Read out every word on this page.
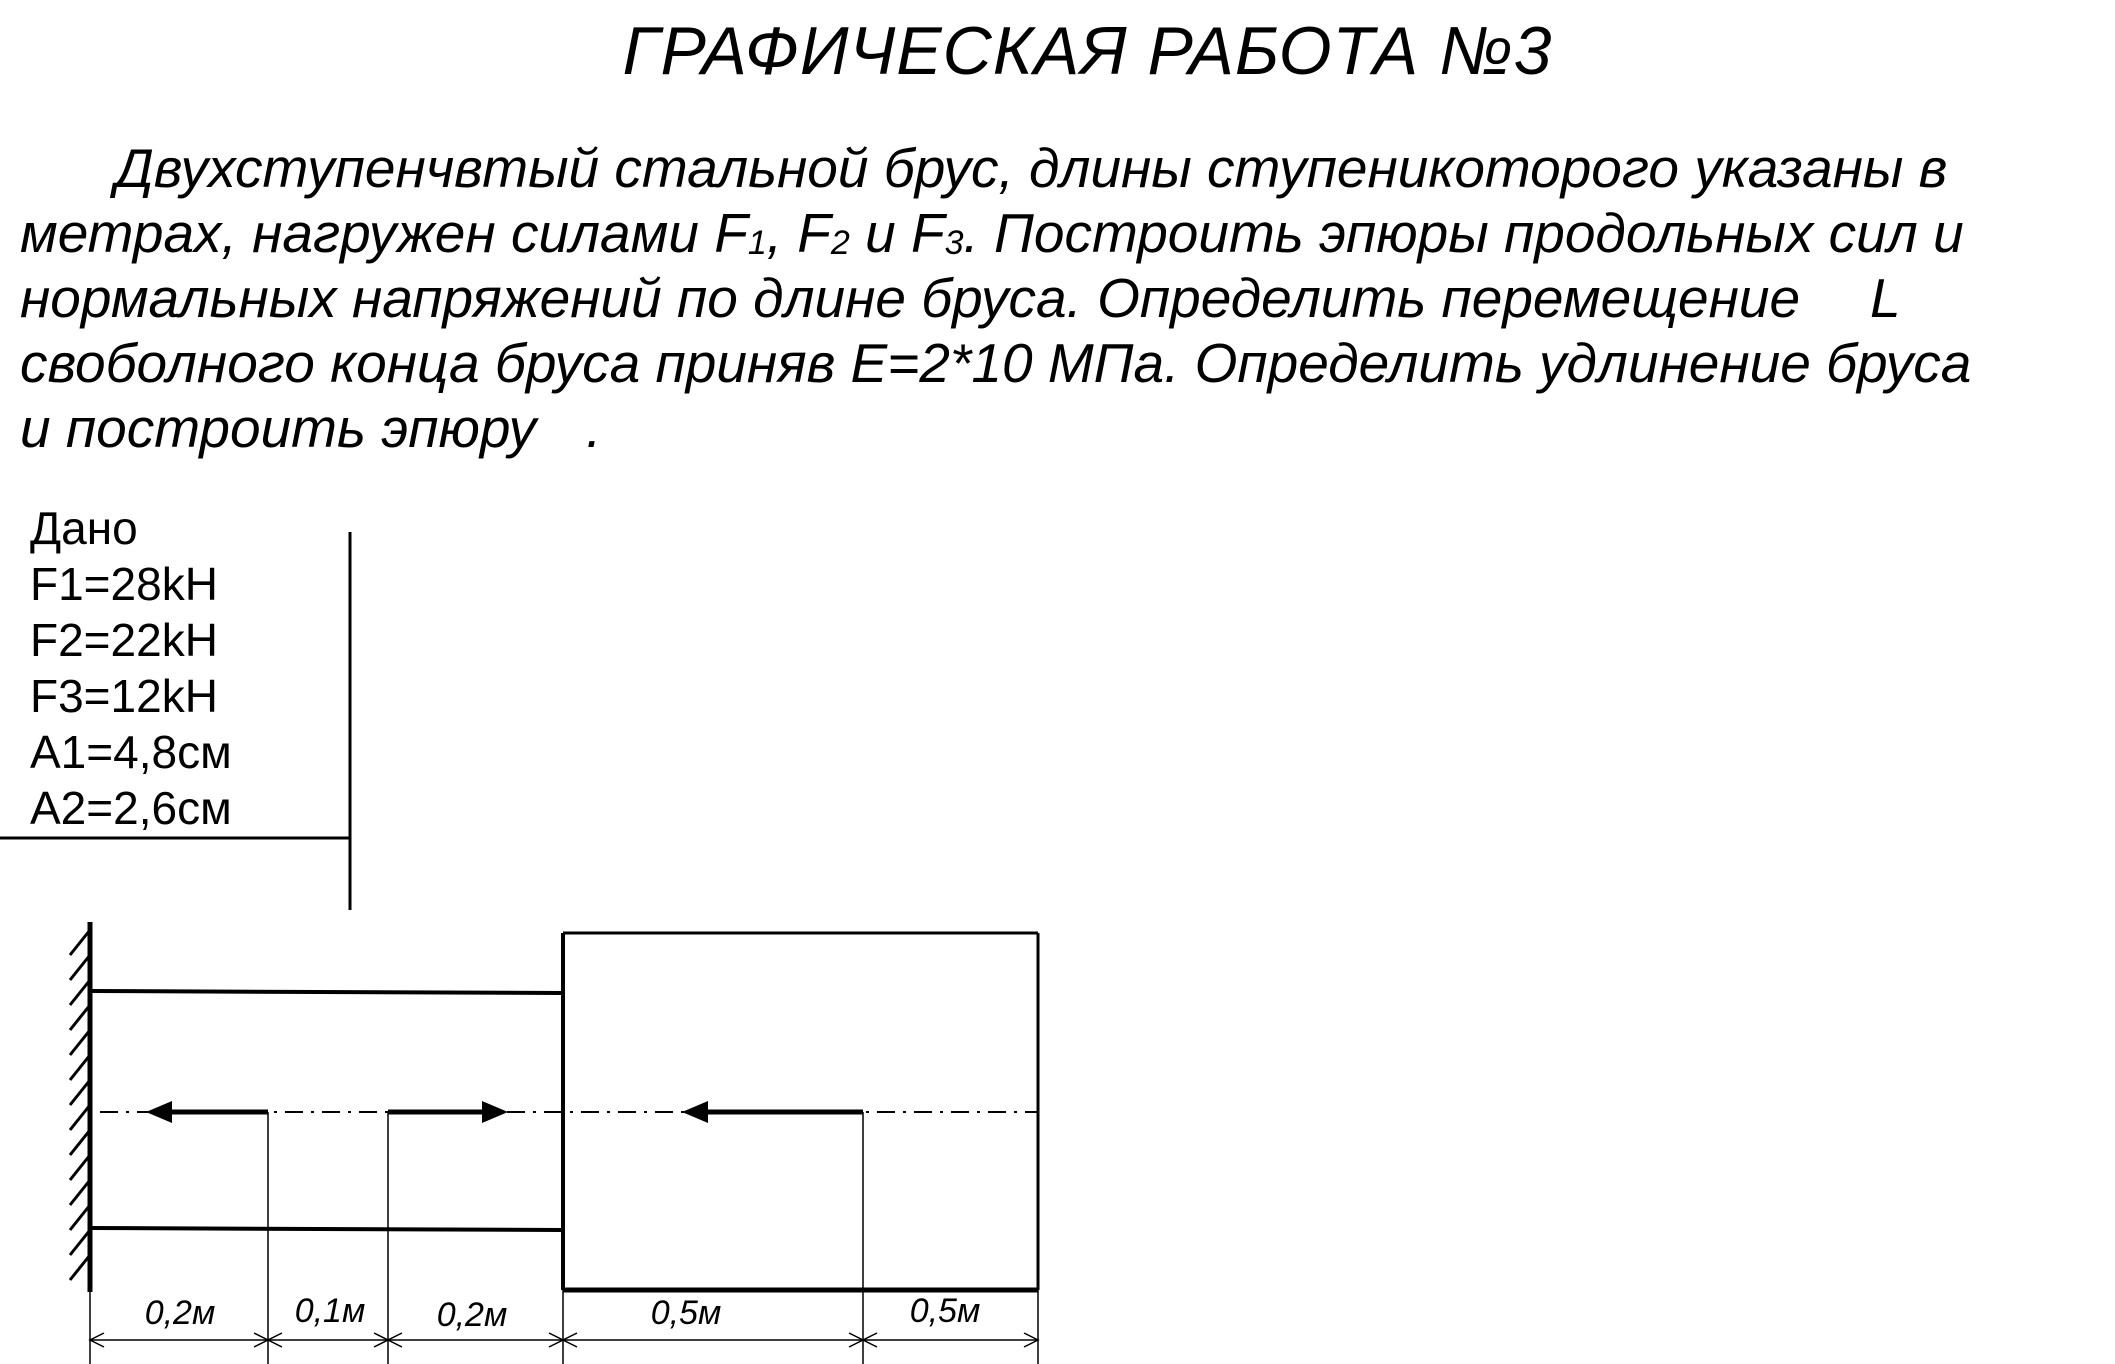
ГРАФИЧЕСКАЯ РАБОТА №3
Двухступенчвтый стальной брус, длины ступеникоторого указаны в
метрах, нагружен силами $F_1$, $F_2$ и $F_3$. Построить эпюры продольных сил и
нормальных напряжений по длине бруса. Определить перемещение L
своболного конца бруса приняв E=2*10 МПа. Определить удлинение бруса
и построить эпюру .
Дано
F1=28kH
F2=22kH
F3=12kH
A1=4,8см
A2=2,6см
0,2м 0,1м 0,2м	0,5м	0,5м
